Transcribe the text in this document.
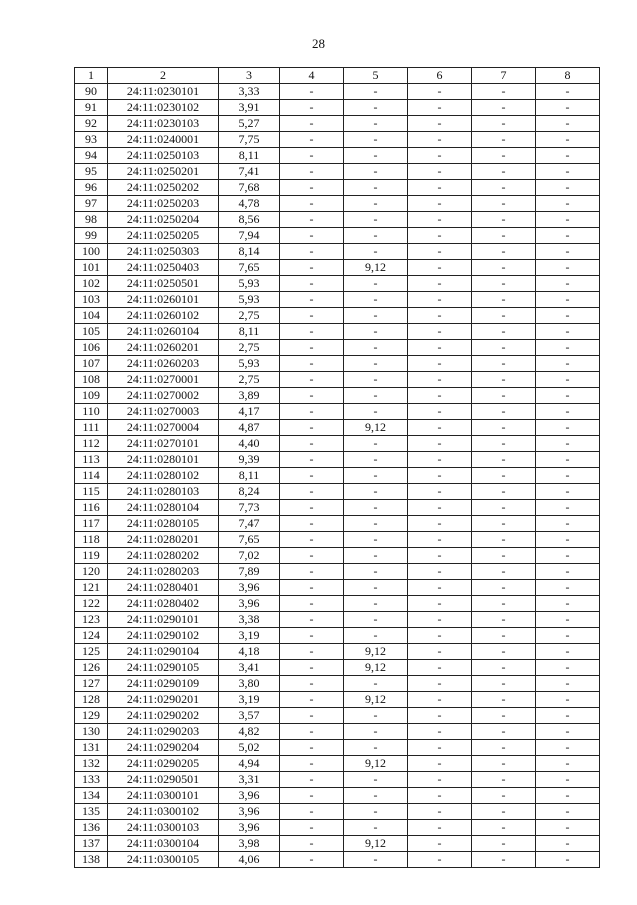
28
1	2	3	4	5	6	7	8
90	24:11:0230101	3,33	-	-	-	-	-
91	24:11:0230102	3,91	-	-	-	-	-
92	24:11:0230103	5,27	-	-	-	-	-
93	24:11:0240001	7,75	-	-	-	-	-
94	24:11:0250103	8,11	-	-	-	-	-
95	24:11:0250201	7,41	-	-	-	-	-
96	24:11:0250202	7,68	-	-	-	-	-
97	24:11:0250203	4,78	-	-	-	-	-
98	24:11:0250204	8,56	-	-	-	-	-
99	24:11:0250205	7,94	-	-	-	-	-
100	24:11:0250303	8,14	-	-	-	-	-
101	24:11:0250403	7,65	-	9,12	-	-	-
102	24:11:0250501	5,93	-	-	-	-	-
103	24:11:0260101	5,93	-	-	-	-	-
104	24:11:0260102	2,75	-	-	-	-	-
105	24:11:0260104	8,11	-	-	-	-	-
106	24:11:0260201	2,75	-	-	-	-	-
107	24:11:0260203	5,93	-	-	-	-	-
108	24:11:0270001	2,75	-	-	-	-	-
109	24:11:0270002	3,89	-	-	-	-	-
110	24:11:0270003	4,17	-	-	-	-	-
111	24:11:0270004	4,87	-	9,12	-	-	-
112	24:11:0270101	4,40	-	-	-	-	-
113	24:11:0280101	9,39	-	-	-	-	-
114	24:11:0280102	8,11	-	-	-	-	-
115	24:11:0280103	8,24	-	-	-	-	-
116	24:11:0280104	7,73	-	-	-	-	-
117	24:11:0280105	7,47	-	-	-	-	-
118	24:11:0280201	7,65	-	-	-	-	-
119	24:11:0280202	7,02	-	-	-	-	-
120	24:11:0280203	7,89	-	-	-	-	-
121	24:11:0280401	3,96	-	-	-	-	-
122	24:11:0280402	3,96	-	-	-	-	-
123	24:11:0290101	3,38	-	-	-	-	-
124	24:11:0290102	3,19	-	-	-	-	-
125	24:11:0290104	4,18	-	9,12	-	-	-
126	24:11:0290105	3,41	-	9,12	-	-	-
127	24:11:0290109	3,80	-	-	-	-	-
128	24:11:0290201	3,19	-	9,12	-	-	-
129	24:11:0290202	3,57	-	-	-	-	-
130	24:11:0290203	4,82	-	-	-	-	-
131	24:11:0290204	5,02	-	-	-	-	-
132	24:11:0290205	4,94	-	9,12	-	-	-
133	24:11:0290501	3,31	-	-	-	-	-
134	24:11:0300101	3,96	-	-	-	-	-
135	24:11:0300102	3,96	-	-	-	-	-
136	24:11:0300103	3,96	-	-	-	-	-
137	24:11:0300104	3,98	-	9,12	-	-	-
138	24:11:0300105	4,06	-	-	-	-	-
